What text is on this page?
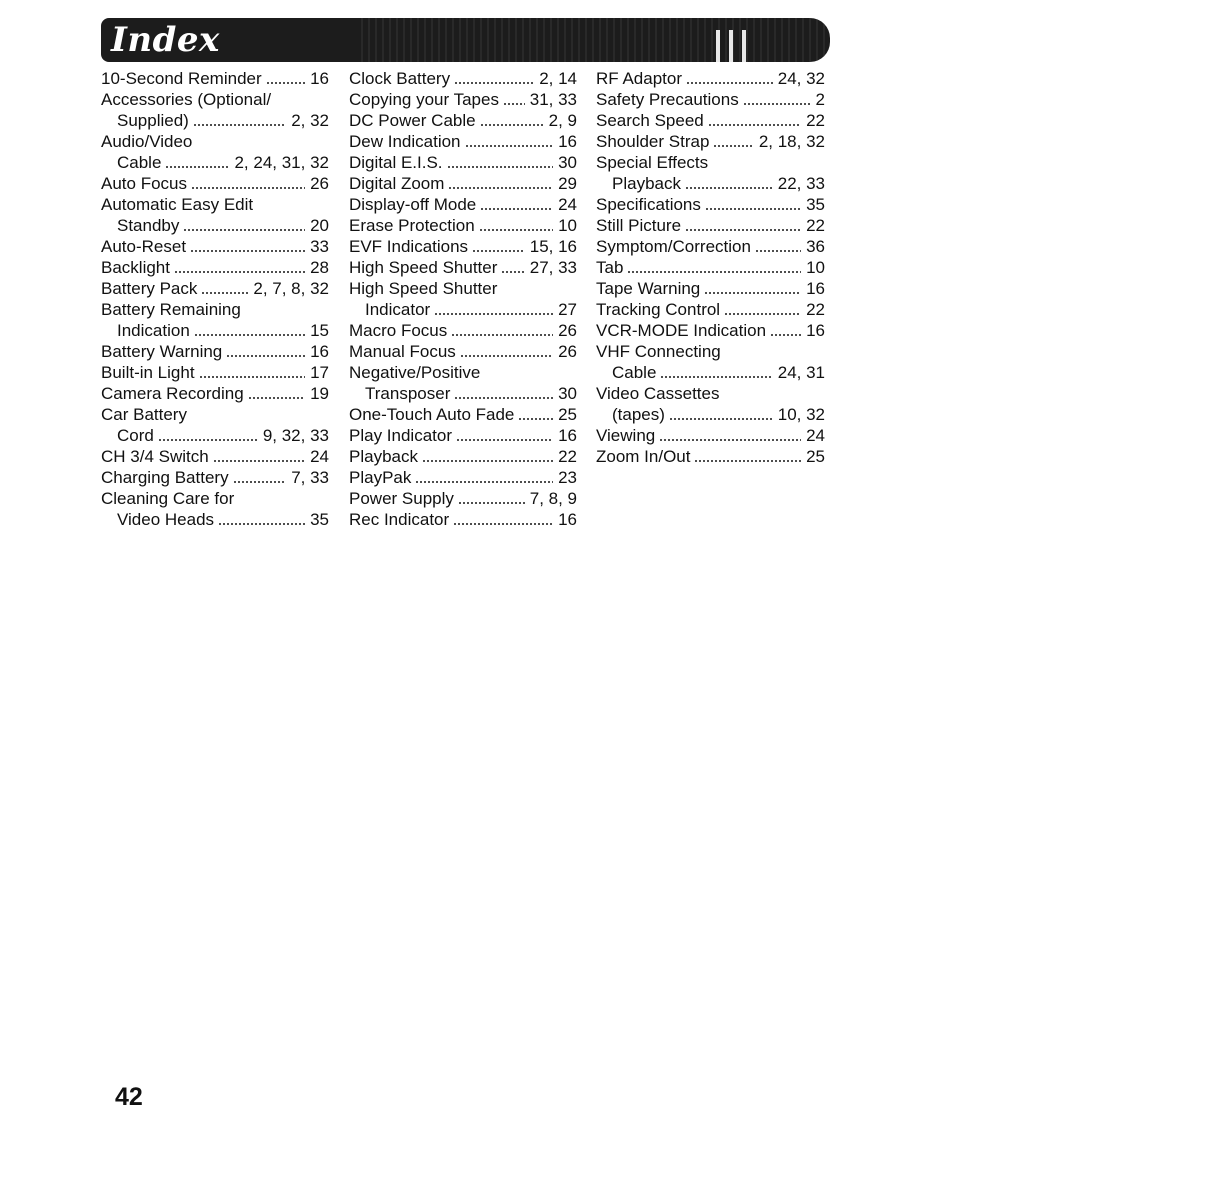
Index
10-Second Reminder	16
Accessories (Optional/
Supplied)	2, 32
Audio/Video
Cable	2, 24, 31, 32
Auto Focus	26
Automatic Easy Edit
Standby	20
Auto-Reset	33
Backlight	28
Battery Pack	2, 7, 8, 32
Battery Remaining
Indication	15
Battery Warning	16
Built-in Light	17
Camera Recording	19
Car Battery
Cord	9, 32, 33
CH 3/4 Switch	24
Charging Battery	7, 33
Cleaning Care for
Video Heads	35
Clock Battery	2, 14
Copying your Tapes 31, 33
DC Power Cable	2, 9
Dew Indication	16
Digital E.I.S.	30
Digital Zoom	29
Display-off Mode	24
Erase Protection	10
EVF Indications	15, 16
High Speed Shutter 27, 33
High Speed Shutter
Indicator	27
Macro Focus	26
Manual Focus	26
Negative/Positive
Transposer	30
One-Touch Auto Fade	25
Play Indicator	16
Playback	22
PlayPak	23
Power Supply	7, 8, 9
Rec Indicator	16
RF Adaptor	24, 32
Safety Precautions	2
Search Speed	22
Shoulder Strap	2, 18, 32
Special Effects
Playback	22, 33
Specifications	35
Still Picture	22
Symptom/Correction	36
Tab	10
Tape Warning	16
Tracking Control	22
VCR-MODE Indication 16
VHF Connecting
Cable	24, 31
Video Cassettes
(tapes)	10, 32
Viewing	24
Zoom In/Out	25
42
